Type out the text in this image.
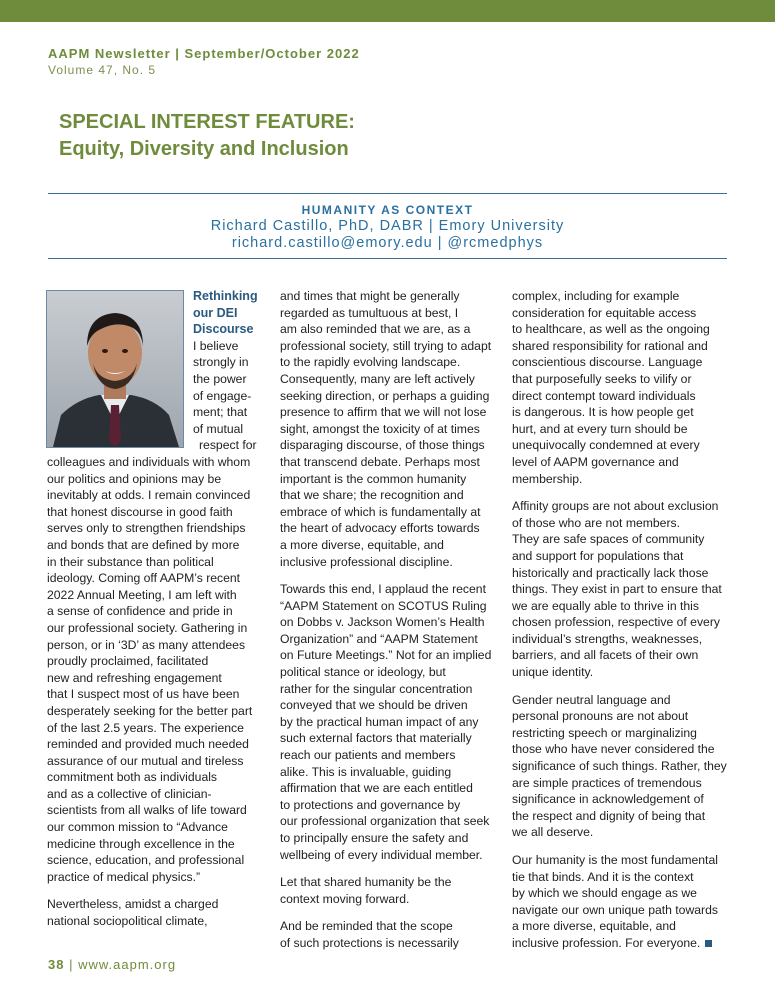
AAPM Newsletter | September/October 2022
Volume 47, No. 5
SPECIAL INTEREST FEATURE:
Equity, Diversity and Inclusion
HUMANITY AS CONTEXT
Richard Castillo, PhD, DABR | Emory University
richard.castillo@emory.edu | @rcmedphys
Rethinking
our DEI
Discourse
I believe
strongly in
the power
of engage-
ment; that
of mutual
respect for

colleagues and individuals with whom
our politics and opinions may be
inevitably at odds. I remain convinced
that honest discourse in good faith
serves only to strengthen friendships
and bonds that are defined by more
in their substance than political
ideology. Coming off AAPM’s recent
2022 Annual Meeting, I am left with
a sense of confidence and pride in
our professional society. Gathering in
person, or in ‘3D’ as many attendees
proudly proclaimed, facilitated
new and refreshing engagement
that I suspect most of us have been
desperately seeking for the better part
of the last 2.5 years. The experience
reminded and provided much needed
assurance of our mutual and tireless
commitment both as individuals
and as a collective of clinician-
scientists from all walks of life toward
our common mission to “Advance
medicine through excellence in the
science, education, and professional
practice of medical physics.”

Nevertheless, amidst a charged
national sociopolitical climate,

and times that might be generally
regarded as tumultuous at best, I
am also reminded that we are, as a
professional society, still trying to adapt
to the rapidly evolving landscape.
Consequently, many are left actively
seeking direction, or perhaps a guiding
presence to affirm that we will not lose
sight, amongst the toxicity of at times
disparaging discourse, of those things
that transcend debate. Perhaps most
important is the common humanity
that we share; the recognition and
embrace of which is fundamentally at
the heart of advocacy efforts towards
a more diverse, equitable, and
inclusive professional discipline.

Towards this end, I applaud the recent
“AAPM Statement on SCOTUS Ruling
on Dobbs v. Jackson Women’s Health
Organization” and “AAPM Statement
on Future Meetings.” Not for an implied
political stance or ideology, but
rather for the singular concentration
conveyed that we should be driven
by the practical human impact of any
such external factors that materially
reach our patients and members
alike. This is invaluable, guiding
affirmation that we are each entitled
to protections and governance by
our professional organization that seek
to principally ensure the safety and
wellbeing of every individual member.

Let that shared humanity be the
context moving forward.

And be reminded that the scope
of such protections is necessarily

complex, including for example
consideration for equitable access
to healthcare, as well as the ongoing
shared responsibility for rational and
conscientious discourse. Language
that purposefully seeks to vilify or
direct contempt toward individuals
is dangerous. It is how people get
hurt, and at every turn should be
unequivocally condemned at every
level of AAPM governance and
membership.

Affinity groups are not about exclusion
of those who are not members.
They are safe spaces of community
and support for populations that
historically and practically lack those
things. They exist in part to ensure that
we are equally able to thrive in this
chosen profession, respective of every
individual’s strengths, weaknesses,
barriers, and all facets of their own
unique identity.

Gender neutral language and
personal pronouns are not about
restricting speech or marginalizing
those who have never considered the
significance of such things. Rather, they
are simple practices of tremendous
significance in acknowledgement of
the respect and dignity of being that
we all deserve.

Our humanity is the most fundamental
tie that binds. And it is the context
by which we should engage as we
navigate our own unique path towards
a more diverse, equitable, and
inclusive profession. For everyone.

38 | www.aapm.org
